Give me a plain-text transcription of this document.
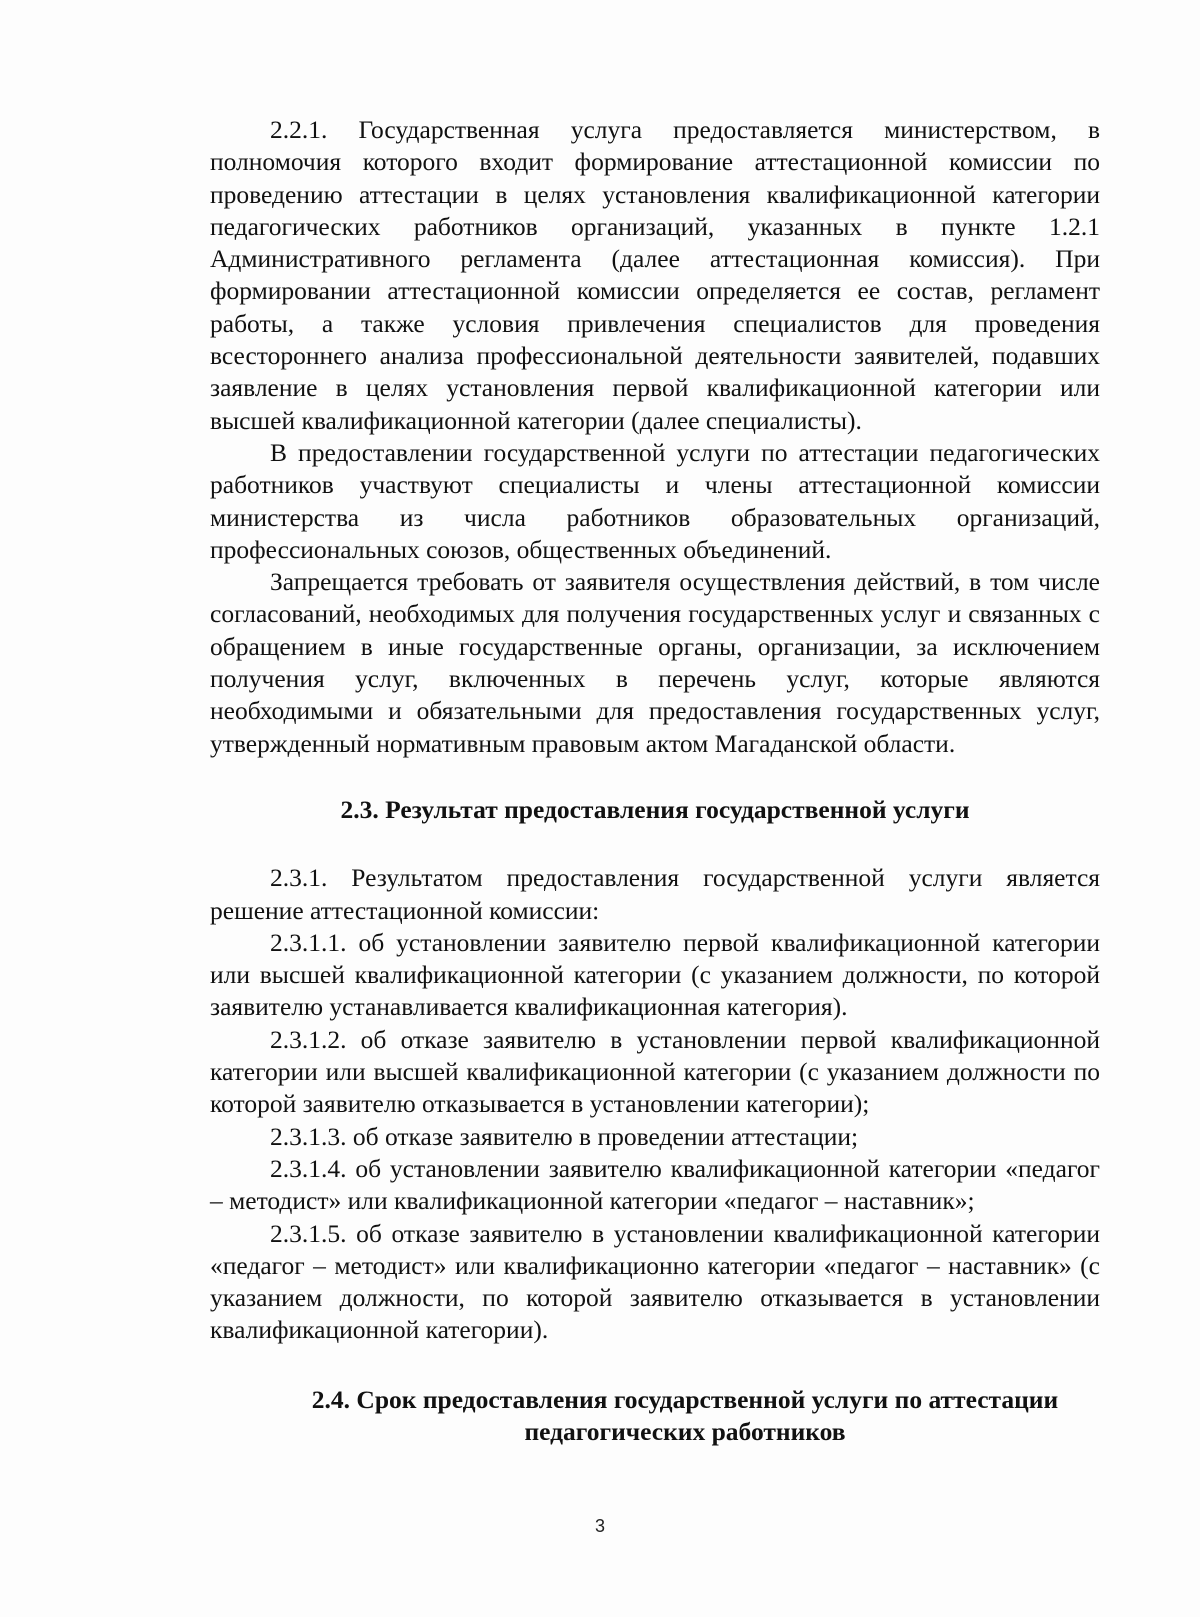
2.2.1. Государственная услуга предоставляется министерством, в полномочия которого входит формирование аттестационной комиссии по проведению аттестации в целях установления квалификационной категории педагогических работников организаций, указанных в пункте 1.2.1 Административного регламента (далее аттестационная комиссия). При формировании аттестационной комиссии определяется ее состав, регламент работы, а также условия привлечения специалистов для проведения всестороннего анализа профессиональной деятельности заявителей, подавших заявление в целях установления первой квалификационной категории или высшей квалификационной категории (далее специалисты).

В предоставлении государственной услуги по аттестации педагогических работников участвуют специалисты и члены аттестационной комиссии министерства из числа работников образовательных организаций, профессиональных союзов, общественных объединений.

Запрещается требовать от заявителя осуществления действий, в том числе согласований, необходимых для получения государственных услуг и связанных с обращением в иные государственные органы, организации, за исключением получения услуг, включенных в перечень услуг, которые являются необходимыми и обязательными для предоставления государственных услуг, утвержденный нормативным правовым актом Магаданской области.

2.3. Результат предоставления государственной услуги

2.3.1. Результатом предоставления государственной услуги является решение аттестационной комиссии:

2.3.1.1. об установлении заявителю первой квалификационной категории или высшей квалификационной категории (с указанием должности, по которой заявителю устанавливается квалификационная категория).

2.3.1.2. об отказе заявителю в установлении первой квалификационной категории или высшей квалификационной категории (с указанием должности по которой заявителю отказывается в установлении категории);

2.3.1.3. об отказе заявителю в проведении аттестации;

2.3.1.4. об установлении заявителю квалификационной категории «педагог – методист» или квалификационной категории «педагог – наставник»;

2.3.1.5. об отказе заявителю в установлении квалификационной категории «педагог – методист» или квалификационно категории «педагог – наставник» (с указанием должности, по которой заявителю отказывается в установлении квалификационной категории).

2.4. Срок предоставления государственной услуги по аттестации
педагогических работников
3
